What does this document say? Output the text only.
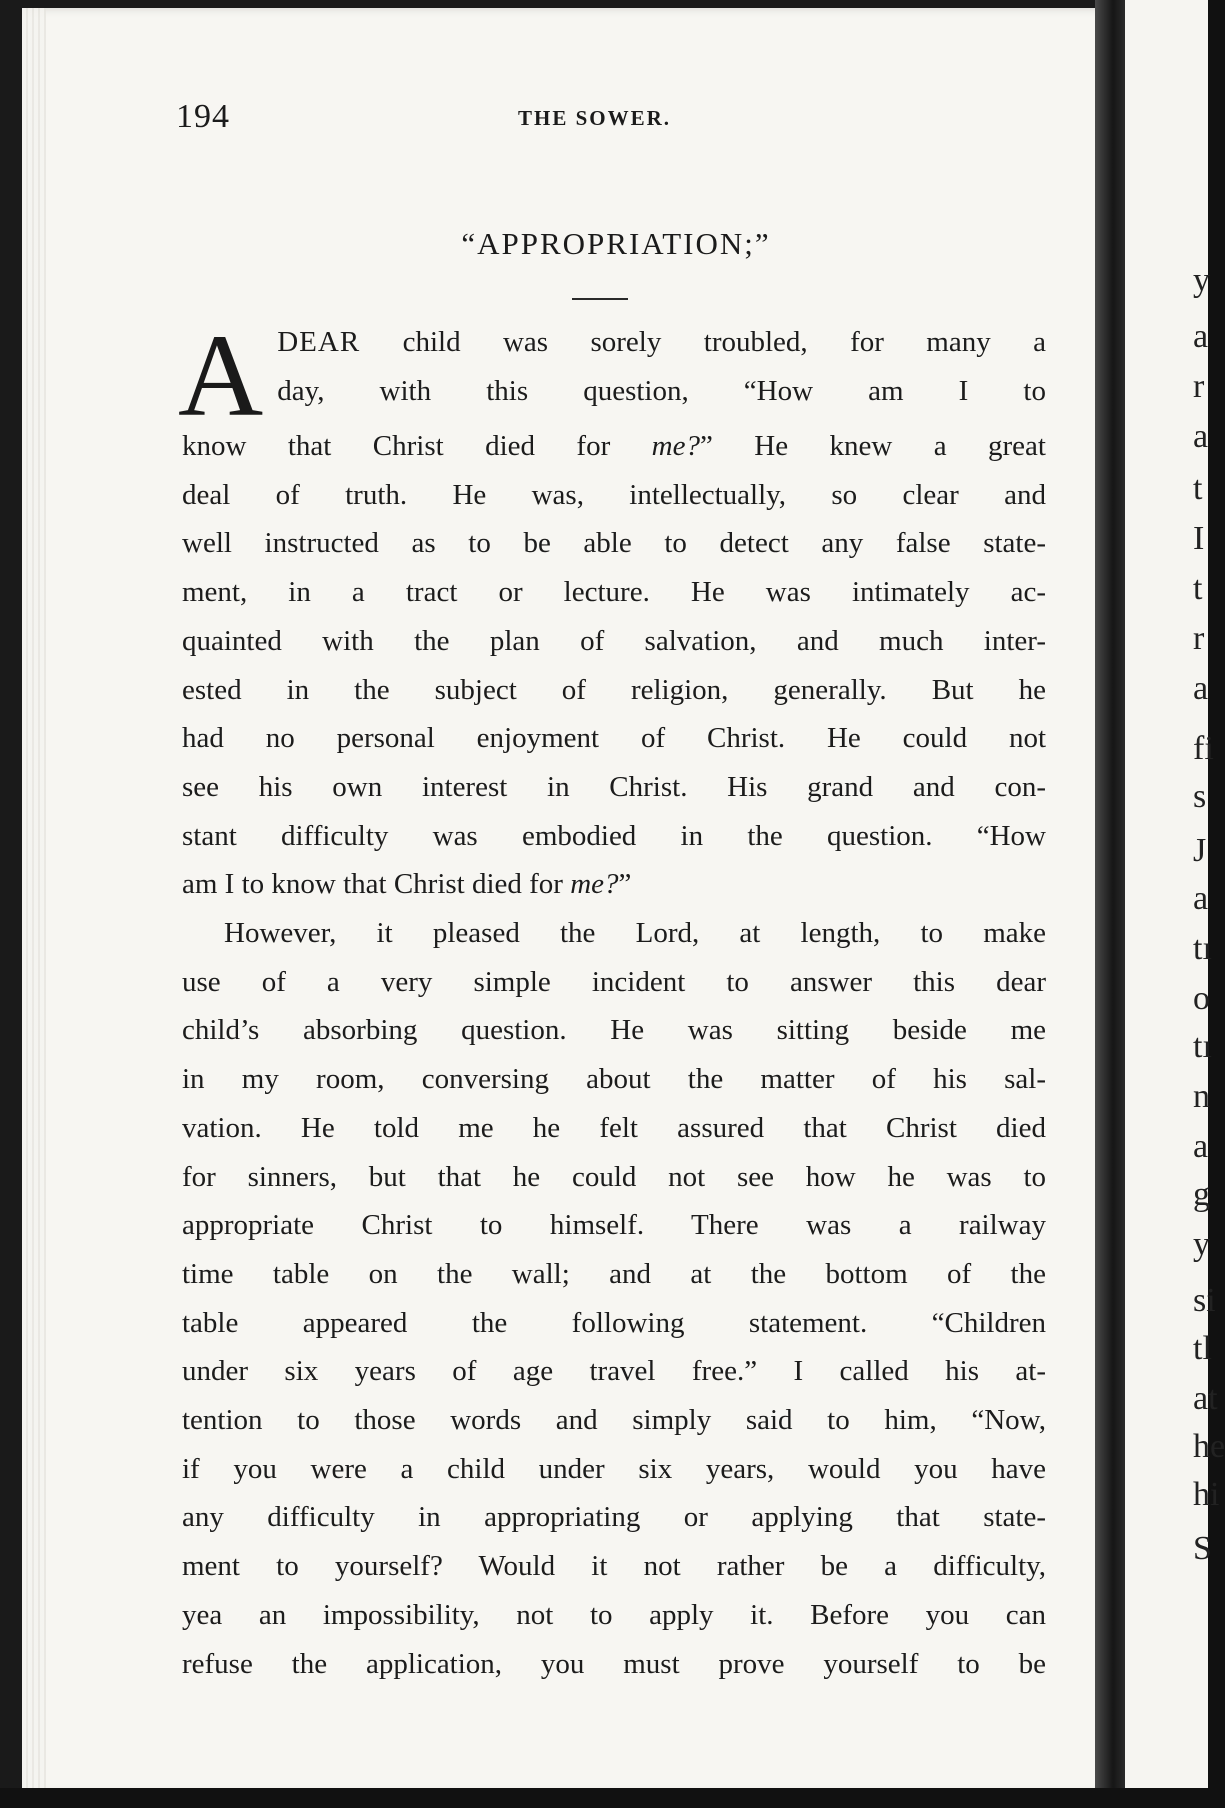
194	THE SOWER.
“APPROPRIATION;”
A DEAR child was sorely troubled, for many a
day, with this question, “How am I to
know that Christ died for me?” He knew a great
deal of truth. He was, intellectually, so clear and
well instructed as to be able to detect any false state-
ment, in a tract or lecture. He was intimately ac-
quainted with the plan of salvation, and much inter-
ested in the subject of religion, generally. But he
had no personal enjoyment of Christ. He could not
see his own interest in Christ. His grand and con-
stant difficulty was embodied in the question. “How
am I to know that Christ died for me?”
However, it pleased the Lord, at length, to make
use of a very simple incident to answer this dear
child’s absorbing question. He was sitting beside me
in my room, conversing about the matter of his sal-
vation. He told me he felt assured that Christ died
for sinners, but that he could not see how he was to
appropriate Christ to himself. There was a railway
time table on the wall; and at the bottom of the
table appeared the following statement. “Children
under six years of age travel free.” I called his at-
tention to those words and simply said to him, “Now,
if you were a child under six years, would you have
any difficulty in appropriating or applying that state-
ment to yourself? Would it not rather be a difficulty,
yea an impossibility, not to apply it. Before you can
refuse the application, you must prove yourself to be
y
a
r
a
t
I
t
r
a
fi
s
J
a
tı
o
tı
n
a
g
y
si
tl
at
he
hi
S
